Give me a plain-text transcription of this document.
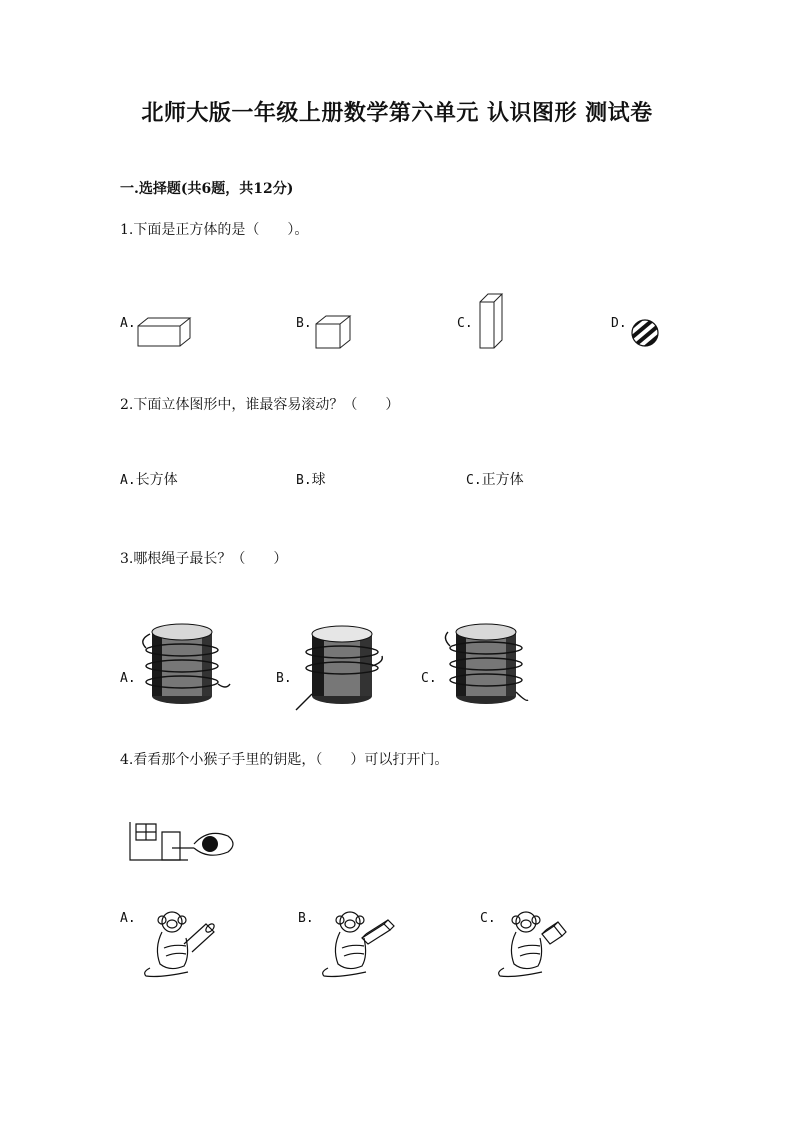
北师大版一年级上册数学第六单元 认识图形 测试卷
一.选择题(共6题，共12分)
1.下面是正方体的是（　　）。
A.	B.	C.	D.
2.下面立体图形中，谁最容易滚动？（　　）
A.长方体	B.球	C.正方体
3.哪根绳子最长？（　　）
A.	B.	C.
4.看看那个小猴子手里的钥匙，（　　）可以打开门。
A.	B.	C.
